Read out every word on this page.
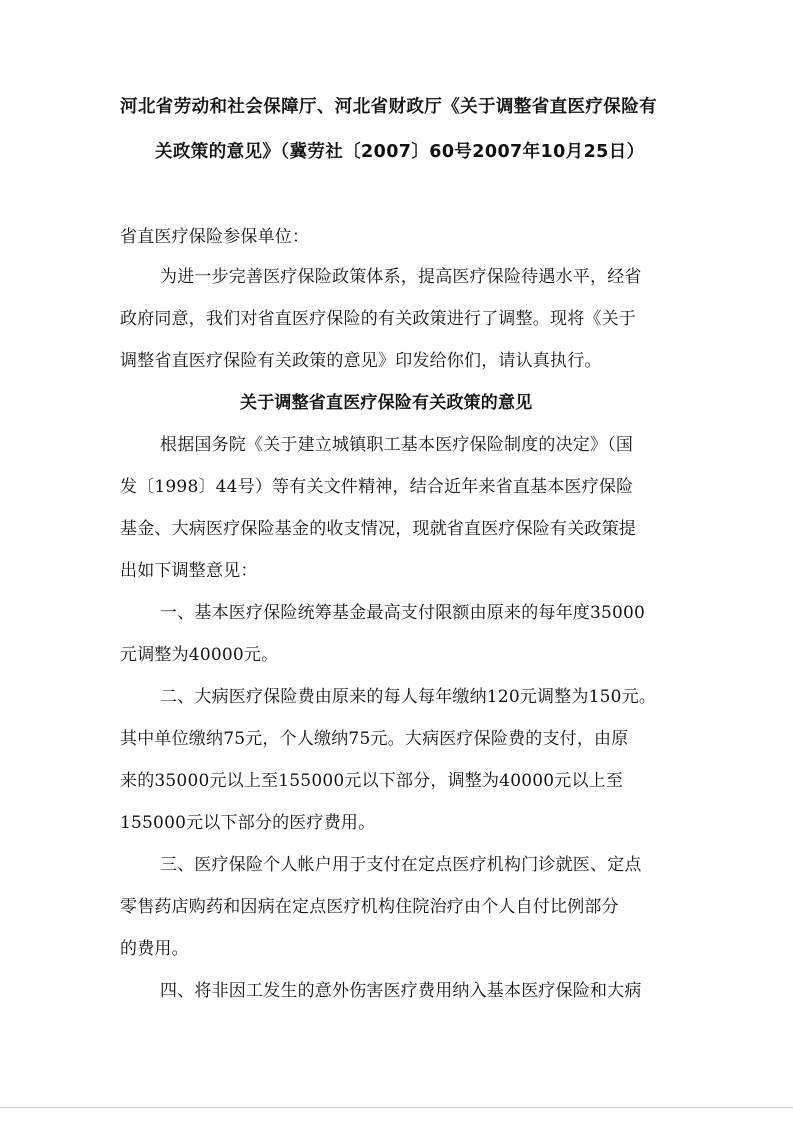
河北省劳动和社会保障厅、河北省财政厅《关于调整省直医疗保险有
关政策的意见》（冀劳社〔2007〕60号2007年10月25日）
省直医疗保险参保单位：
为进一步完善医疗保险政策体系，提高医疗保险待遇水平，经省
政府同意，我们对省直医疗保险的有关政策进行了调整。现将《关于
调整省直医疗保险有关政策的意见》印发给你们，请认真执行。
关于调整省直医疗保险有关政策的意见
根据国务院《关于建立城镇职工基本医疗保险制度的决定》（国
发〔1998〕44号）等有关文件精神，结合近年来省直基本医疗保险
基金、大病医疗保险基金的收支情况，现就省直医疗保险有关政策提
出如下调整意见：
一、基本医疗保险统筹基金最高支付限额由原来的每年度35000
元调整为40000元。
二、大病医疗保险费由原来的每人每年缴纳120元调整为150元。
其中单位缴纳75元，个人缴纳75元。大病医疗保险费的支付，由原
来的35000元以上至155000元以下部分，调整为40000元以上至
155000元以下部分的医疗费用。
三、医疗保险个人帐户用于支付在定点医疗机构门诊就医、定点
零售药店购药和因病在定点医疗机构住院治疗由个人自付比例部分
的费用。
四、将非因工发生的意外伤害医疗费用纳入基本医疗保险和大病
